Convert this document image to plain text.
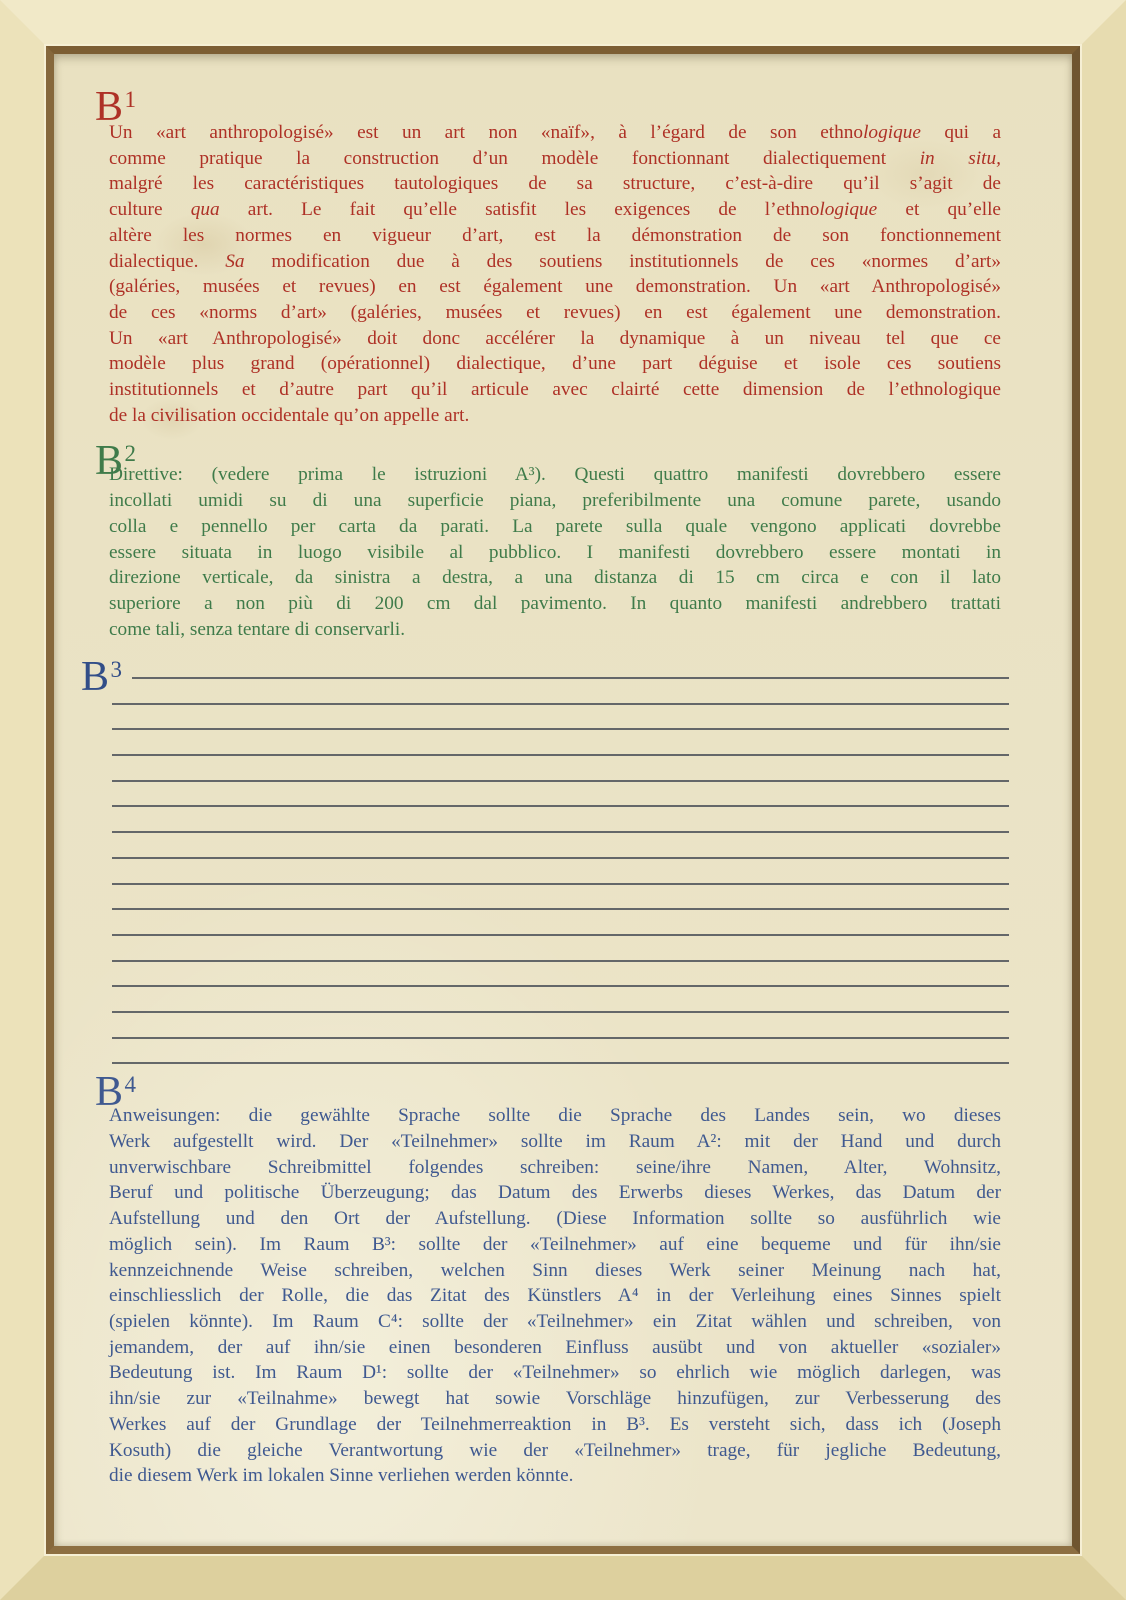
$B^1$
Un «art anthropologisé» est un art non «naïf», à l’égard de son ethnologique qui a
comme pratique la construction d’un modèle fonctionnant dialectiquement in situ,
malgré les caractéristiques tautologiques de sa structure, c’est-à-dire qu’il s’agit de
culture qua art. Le fait qu’elle satisfit les exigences de l’ethnologique et qu’elle
altère les normes en vigueur d’art, est la démonstration de son fonctionnement
dialectique. Sa modification due à des soutiens institutionnels de ces «normes d’art»
(galéries, musées et revues) en est également une demonstration. Un «art Anthropologisé»
de ces «norms d’art» (galéries, musées et revues) en est également une demonstration.
Un «art Anthropologisé» doit donc accélérer la dynamique à un niveau tel que ce
modèle plus grand (opérationnel) dialectique, d’une part déguise et isole ces soutiens
institutionnels et d’autre part qu’il articule avec clairté cette dimension de l’ethnologique
de la civilisation occidentale qu’on appelle art.
$B^2$
Direttive: (vedere prima le istruzioni A³). Questi quattro manifesti dovrebbero essere
incollati umidi su di una superficie piana, preferibilmente una comune parete, usando
colla e pennello per carta da parati. La parete sulla quale vengono applicati dovrebbe
essere situata in luogo visibile al pubblico. I manifesti dovrebbero essere montati in
direzione verticale, da sinistra a destra, a una distanza di 15 cm circa e con il lato
superiore a non più di 200 cm dal pavimento. In quanto manifesti andrebbero trattati
come tali, senza tentare di conservarli.
$B^3$
$B^4$
Anweisungen: die gewählte Sprache sollte die Sprache des Landes sein, wo dieses
Werk aufgestellt wird. Der «Teilnehmer» sollte im Raum A²: mit der Hand und durch
unverwischbare Schreibmittel folgendes schreiben: seine/ihre Namen, Alter, Wohnsitz,
Beruf und politische Überzeugung; das Datum des Erwerbs dieses Werkes, das Datum der
Aufstellung und den Ort der Aufstellung. (Diese Information sollte so ausführlich wie
möglich sein). Im Raum B³: sollte der «Teilnehmer» auf eine bequeme und für ihn/sie
kennzeichnende Weise schreiben, welchen Sinn dieses Werk seiner Meinung nach hat,
einschliesslich der Rolle, die das Zitat des Künstlers A⁴ in der Verleihung eines Sinnes spielt
(spielen könnte). Im Raum C⁴: sollte der «Teilnehmer» ein Zitat wählen und schreiben, von
jemandem, der auf ihn/sie einen besonderen Einfluss ausübt und von aktueller «sozialer»
Bedeutung ist. Im Raum D¹: sollte der «Teilnehmer» so ehrlich wie möglich darlegen, was
ihn/sie zur «Teilnahme» bewegt hat sowie Vorschläge hinzufügen, zur Verbesserung des
Werkes auf der Grundlage der Teilnehmerreaktion in B³. Es versteht sich, dass ich (Joseph
Kosuth) die gleiche Verantwortung wie der «Teilnehmer» trage, für jegliche Bedeutung,
die diesem Werk im lokalen Sinne verliehen werden könnte.
